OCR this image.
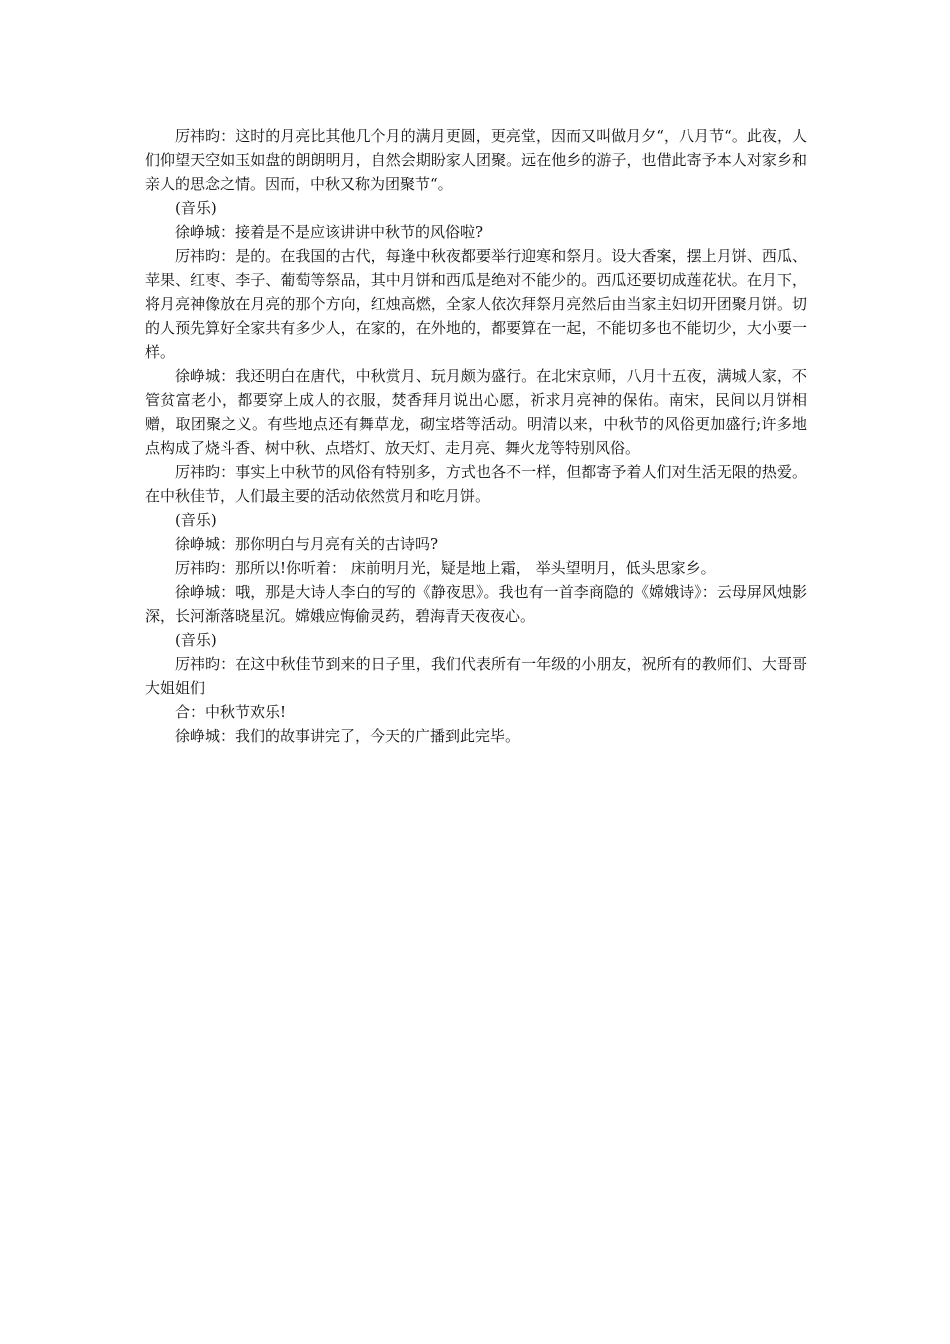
厉祎昀：这时的月亮比其他几个月的满月更圆，更亮堂，因而又叫做月夕“，八月节“。此夜，人们仰望天空如玉如盘的朗朗明月，自然会期盼家人团聚。远在他乡的游子，也借此寄予本人对家乡和亲人的思念之情。因而，中秋又称为团聚节“。

(音乐)

徐峥城：接着是不是应该讲讲中秋节的风俗啦?

厉祎昀：是的。在我国的古代，每逢中秋夜都要举行迎寒和祭月。设大香案，摆上月饼、西瓜、苹果、红枣、李子、葡萄等祭品，其中月饼和西瓜是绝对不能少的。西瓜还要切成莲花状。在月下，将月亮神像放在月亮的那个方向，红烛高燃，全家人依次拜祭月亮然后由当家主妇切开团聚月饼。切的人预先算好全家共有多少人，在家的，在外地的，都要算在一起，不能切多也不能切少，大小要一样。

徐峥城：我还明白在唐代，中秋赏月、玩月颇为盛行。在北宋京师，八月十五夜，满城人家，不管贫富老小，都要穿上成人的衣服，焚香拜月说出心愿，祈求月亮神的保佑。南宋，民间以月饼相赠，取团聚之义。有些地点还有舞草龙，砌宝塔等活动。明清以来，中秋节的风俗更加盛行;许多地点构成了烧斗香、树中秋、点塔灯、放天灯、走月亮、舞火龙等特别风俗。

厉祎昀：事实上中秋节的风俗有特别多，方式也各不一样，但都寄予着人们对生活无限的热爱。在中秋佳节，人们最主要的活动依然赏月和吃月饼。

(音乐)

徐峥城：那你明白与月亮有关的古诗吗?

厉祎昀：那所以!你听着： 床前明月光，疑是地上霜， 举头望明月，低头思家乡。

徐峥城：哦，那是大诗人李白的写的《静夜思》。我也有一首李商隐的《嫦娥诗》：云母屏风烛影深，长河渐落晓星沉。嫦娥应悔偷灵药，碧海青天夜夜心。

(音乐)

厉祎昀：在这中秋佳节到来的日子里，我们代表所有一年级的小朋友，祝所有的教师们、大哥哥大姐姐们

合：中秋节欢乐!

徐峥城：我们的故事讲完了，今天的广播到此完毕。
